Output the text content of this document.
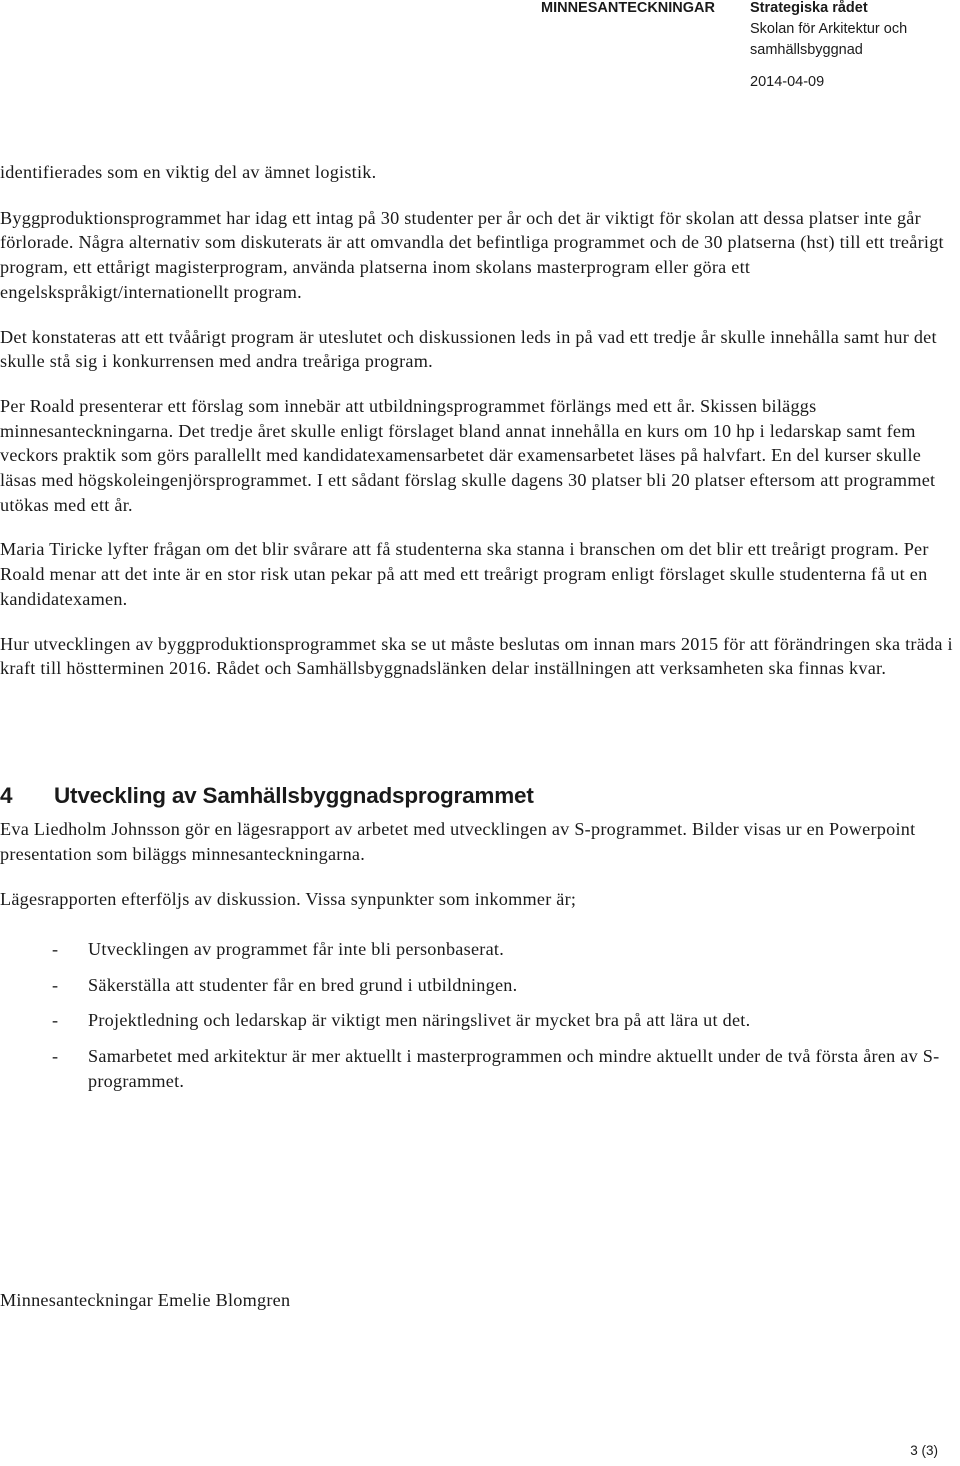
MINNESANTECKNINGAR Strategiska rådet
Skolan för Arkitektur och
samhällsbyggnad
2014-04-09

identifierades som en viktig del av ämnet logistik.

Byggproduktionsprogrammet har idag ett intag på 30 studenter per år och det är viktigt för skolan att dessa platser inte går förlorade. Några alternativ som diskuterats är att omvandla det befintliga programmet och de 30 platserna (hst) till ett treårigt program, ett ettårigt magisterprogram, använda platserna inom skolans masterprogram eller göra ett engelskspråkigt/internationellt program.

Det konstateras att ett tvåårigt program är uteslutet och diskussionen leds in på vad ett tredje år skulle innehålla samt hur det skulle stå sig i konkurrensen med andra treåriga program.

Per Roald presenterar ett förslag som innebär att utbildningsprogrammet förlängs med ett år. Skissen biläggs minnesanteckningarna. Det tredje året skulle enligt förslaget bland annat innehålla en kurs om 10 hp i ledarskap samt fem veckors praktik som görs parallellt med kandidatexamensarbetet där examensarbetet läses på halvfart. En del kurser skulle läsas med högskoleingenjörsprogrammet. I ett sådant förslag skulle dagens 30 platser bli 20 platser eftersom att programmet utökas med ett år.

Maria Tiricke lyfter frågan om det blir svårare att få studenterna ska stanna i branschen om det blir ett treårigt program. Per Roald menar att det inte är en stor risk utan pekar på att med ett treårigt program enligt förslaget skulle studenterna få ut en kandidatexamen.

Hur utvecklingen av byggproduktionsprogrammet ska se ut måste beslutas om innan mars 2015 för att förändringen ska träda i kraft till höstterminen 2016. Rådet och Samhällsbyggnadslänken delar inställningen att verksamheten ska finnas kvar.

4 Utveckling av Samhällsbyggnadsprogrammet

Eva Liedholm Johnsson gör en lägesrapport av arbetet med utvecklingen av S-programmet. Bilder visas ur en Powerpoint presentation som biläggs minnesanteckningarna.

Lägesrapporten efterföljs av diskussion. Vissa synpunkter som inkommer är;

- Utvecklingen av programmet får inte bli personbaserat.
- Säkerställa att studenter får en bred grund i utbildningen.
- Projektledning och ledarskap är viktigt men näringslivet är mycket bra på att lära ut det.
- Samarbetet med arkitektur är mer aktuellt i masterprogrammen och mindre aktuellt under de två första åren av S-programmet.
Minnesanteckningar Emelie Blomgren
3 (3)
